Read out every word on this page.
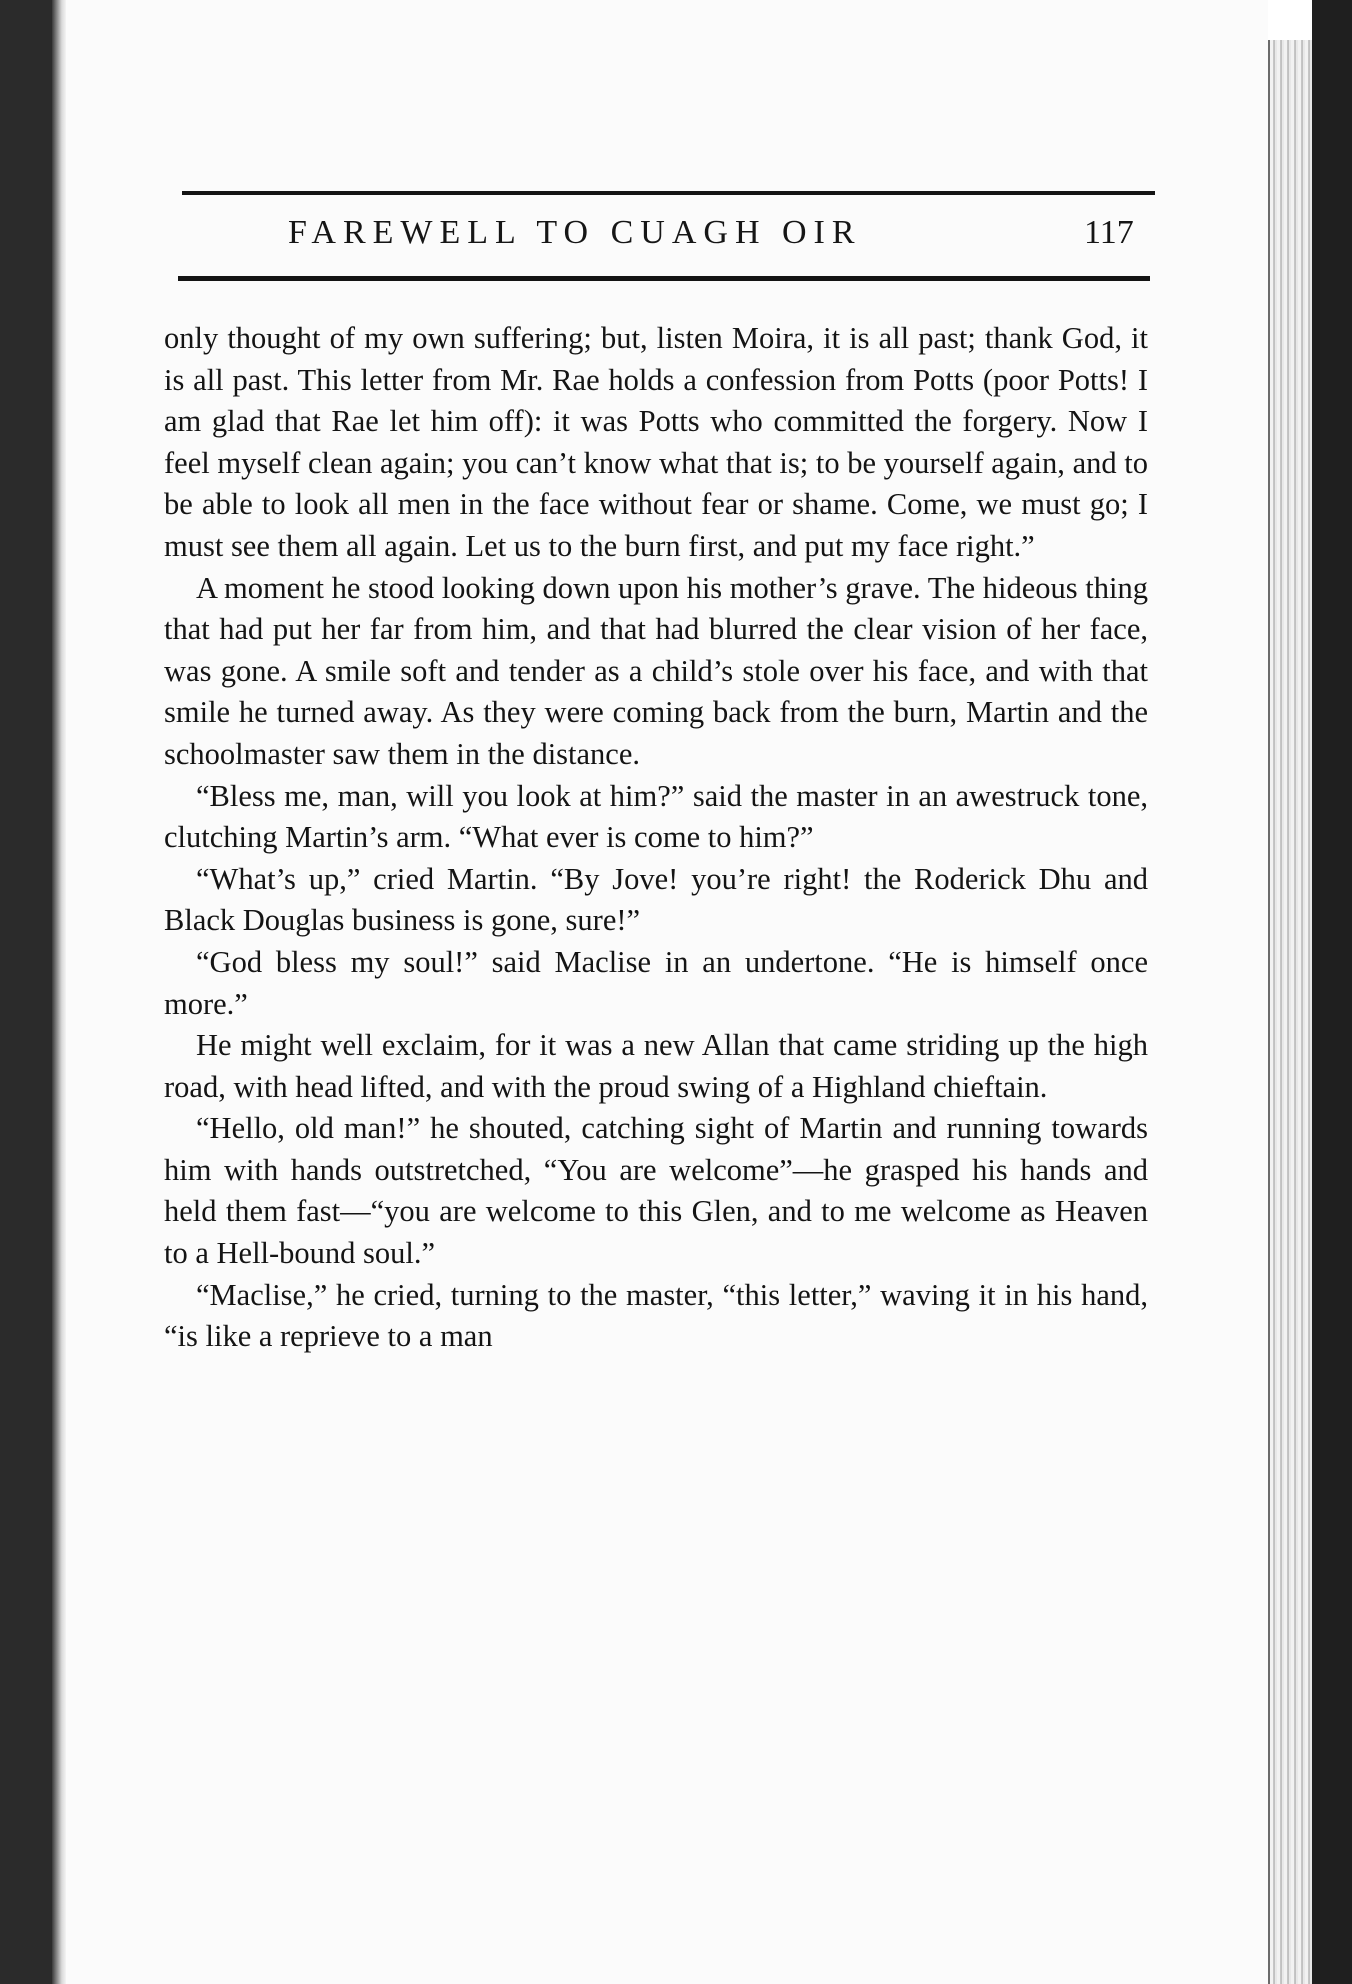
FAREWELL TO CUAGH OIR	117

only thought of my own suffering; but, listen Moira, it is all past; thank God, it is all past. This letter from Mr. Rae holds a confession from Potts (poor Potts! I am glad that Rae let him off): it was Potts who committed the forgery. Now I feel myself clean again; you can’t know what that is; to be yourself again, and to be able to look all men in the face without fear or shame. Come, we must go; I must see them all again. Let us to the burn first, and put my face right.”

A moment he stood looking down upon his mother’s grave. The hideous thing that had put her far from him, and that had blurred the clear vision of her face, was gone. A smile soft and tender as a child’s stole over his face, and with that smile he turned away. As they were coming back from the burn, Martin and the schoolmaster saw them in the distance.

“Bless me, man, will you look at him?” said the master in an awestruck tone, clutching Martin’s arm. “What ever is come to him?”

“What’s up,” cried Martin. “By Jove! you’re right! the Roderick Dhu and Black Douglas business is gone, sure!”

“God bless my soul!” said Maclise in an undertone. “He is himself once more.”

He might well exclaim, for it was a new Allan that came striding up the high road, with head lifted, and with the proud swing of a Highland chieftain.

“Hello, old man!” he shouted, catching sight of Martin and running towards him with hands outstretched, “You are welcome”—he grasped his hands and held them fast—“you are welcome to this Glen, and to me welcome as Heaven to a Hell-bound soul.”

“Maclise,” he cried, turning to the master, “this letter,” waving it in his hand, “is like a reprieve to a man
